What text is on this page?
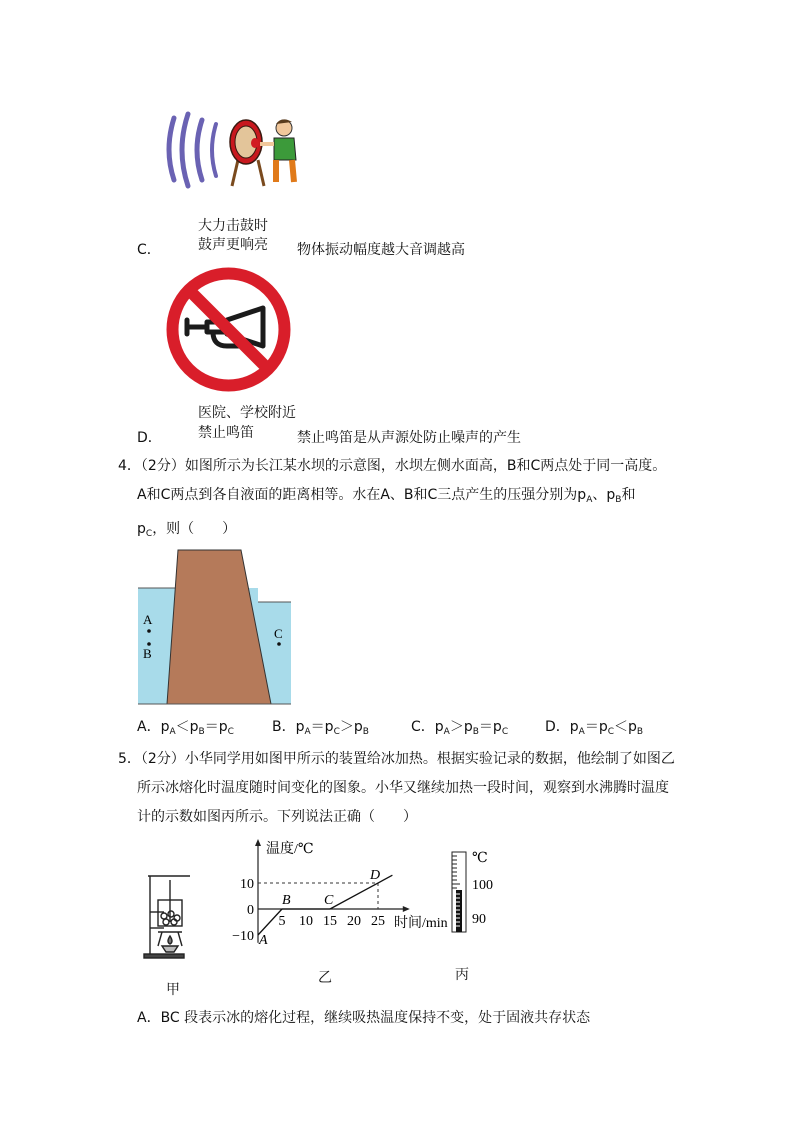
大力击鼓时
鼓声更响亮
C．	物体振动幅度越大音调越高
医院、学校附近
禁止鸣笛
D．	禁止鸣笛是从声源处防止噪声的产生
4．（2分）如图所示为长江某水坝的示意图，水坝左侧水面高，B和C两点处于同一高度。
A和C两点到各自液面的距离相等。水在A、B和C三点产生的压强分别为$p_A$、$p_B$和
$p_C$，则（　　）
A
B
C
A．$p_A<p_B=p_C$	B．$p_A=p_C>p_B$	C．$p_A>p_B=p_C$	D．$p_A=p_C<p_B$
5．（2分）小华同学用如图甲所示的装置给冰加热。根据实验记录的数据，他绘制了如图乙
所示冰熔化时温度随时间变化的图象。小华又继续加热一段时间，观察到水沸腾时温度
计的示数如图丙所示。下列说法正确（　　）
甲
温度/℃
时间/min
10
0
−10
5 10 15 20 25
A
B C
D
乙
℃
100
90
丙
A．BC 段表示冰的熔化过程，继续吸热温度保持不变，处于固液共存状态
